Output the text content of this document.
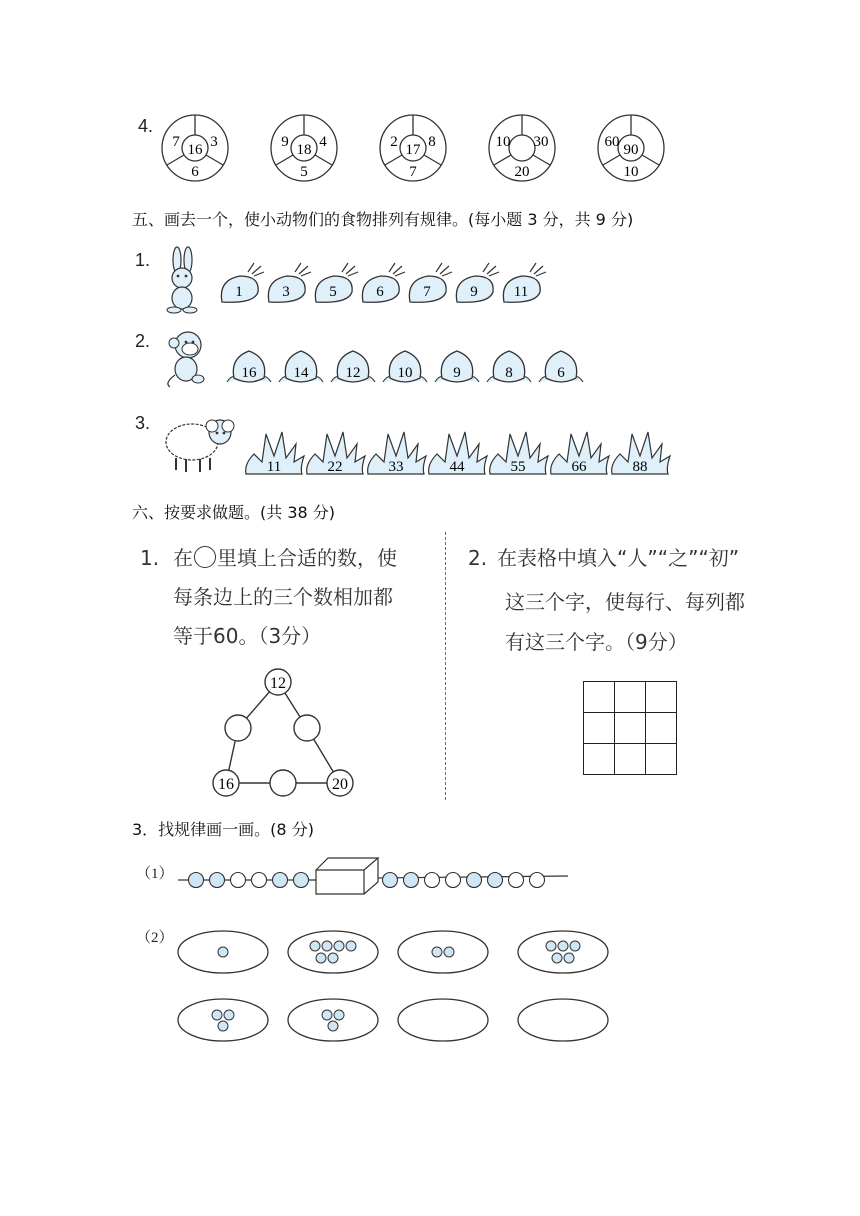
4.
7 3
16
6
9 4
18
5
2 8
17
7
10 30
20
60 90
10
五、画去一个，使小动物们的食物排列有规律。(每小题 3 分，共 9 分)
1.
2.
3.
1	3	5	6	7	9 11
16 14 12 10	9	8	6
11	22	33	44	55	66	88
六、按要求做题。(共 38 分)
1. 在 里填上合适的数，使
每条边上的三个数相加都
等于60。（3分）
12
16	20
2. 在表格中填入“人”“之”“初”
这三个字，使每行、每列都
有这三个字。（9分）

3．找规律画一画。(8 分)
（1）
（2）
